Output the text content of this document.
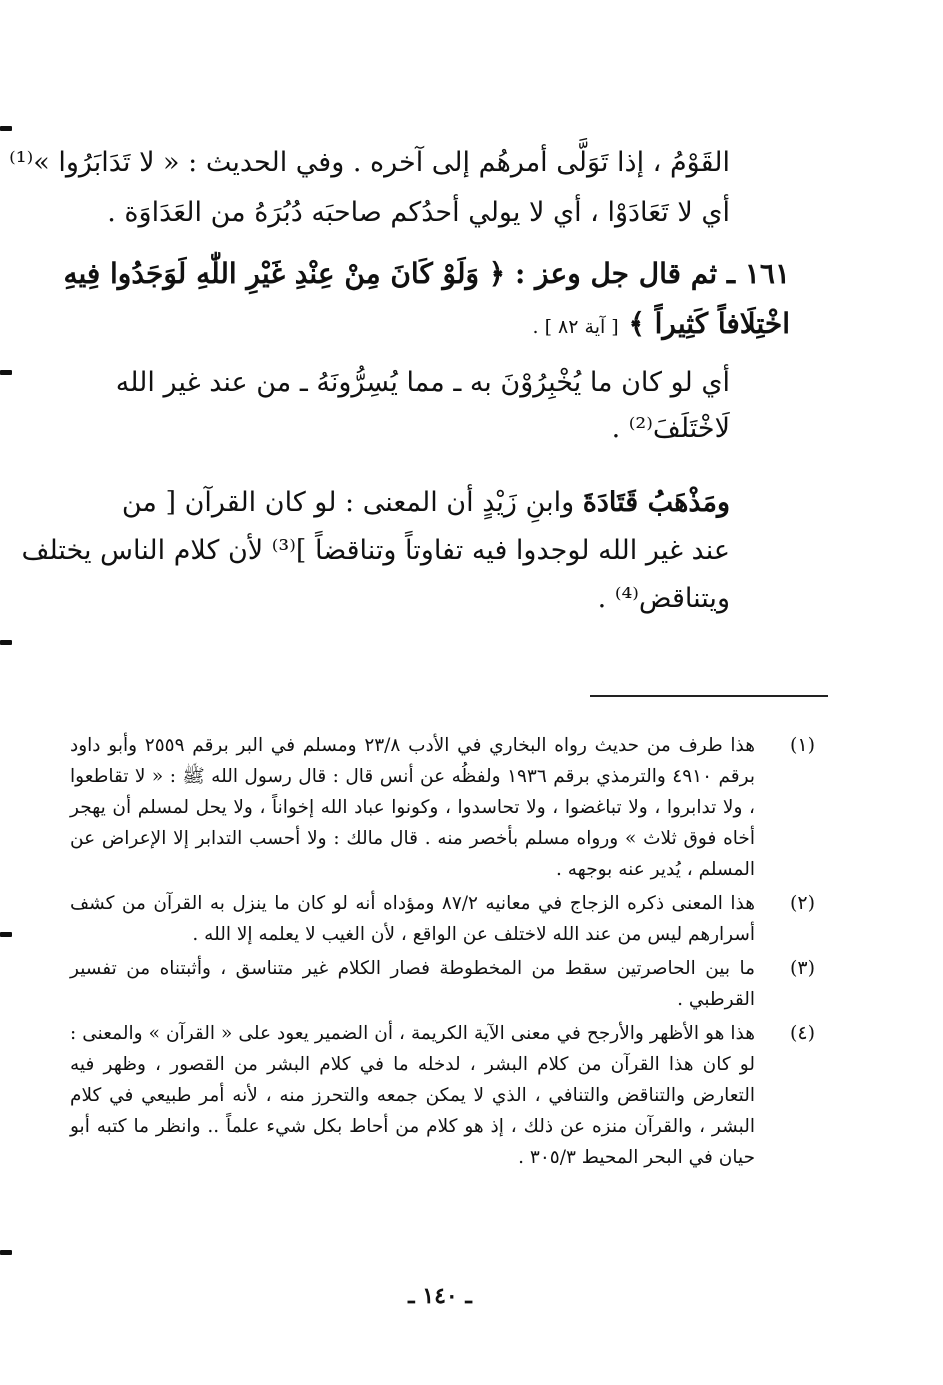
القَوْمُ ، إذا تَوَلَّى أمرهُم إلى آخره . وفي الحديث : « لا تَدَابَرُوا »⁽¹⁾
أي لا تَعَادَوْا ، أي لا يولي أحدُكم صاحبَه دُبُرَهُ من العَدَاوَة .
١٦١ ـ ثم قال جل وعز : ﴿ وَلَوْ كَانَ مِنْ عِنْدِ غَيْرِ اللّٰهِ لَوَجَدُوا فِيهِ
اخْتِلَافاً كَثِيراً ﴾ [ آية ٨٢ ] .
أي لو كان ما يُخْبِرُوْنَ به ـ مما يُسِرُّونَهُ ـ من عند غير الله
لَاخْتَلَفَ⁽²⁾ .
ومَذْهَبُ قَتَادَةَ وابنِ زَيْدٍ أن المعنى : لو كان القرآن [ من
عند غير الله لوجدوا فيه تفاوتاً وتناقضاً ]⁽³⁾ لأن كلام الناس يختلف
ويتناقض⁽⁴⁾ .
(١)
هذا طرف من حديث رواه البخاري في الأدب ٢٣/٨ ومسلم في البر برقم ٢٥٥٩ وأبو داود برقم ٤٩١٠ والترمذي برقم ١٩٣٦ ولفظُه عن أنس قال : قال رسول الله ﷺ : « لا تقاطعوا ، ولا تدابروا ، ولا تباغضوا ، ولا تحاسدوا ، وكونوا عباد الله إخواناً ، ولا يحل لمسلم أن يهجر أخاه فوق ثلاث » ورواه مسلم بأخصر منه . قال مالك : ولا أحسب التدابر إلا الإعراض عن المسلم ، يُدير عنه بوجهه .
(٢)
هذا المعنى ذكره الزجاج في معانيه ٨٧/٢ ومؤداه أنه لو كان ما ينزل به القرآن من كشف أسرارهم ليس من عند الله لاختلف عن الواقع ، لأن الغيب لا يعلمه إلا الله .
(٣)
ما بين الحاصرتين سقط من المخطوطة فصار الكلام غير متناسق ، وأثبتناه من تفسير القرطبي .
(٤)
هذا هو الأظهر والأرجح في معنى الآية الكريمة ، أن الضمير يعود على « القرآن » والمعنى : لو كان هذا القرآن من كلام البشر ، لدخله ما في كلام البشر من القصور ، وظهر فيه التعارض والتناقض والتنافي ، الذي لا يمكن جمعه والتحرز منه ، لأنه أمر طبيعي في كلام البشر ، والقرآن منزه عن ذلك ، إذ هو كلام من أحاط بكل شيء علماً .. وانظر ما كتبه أبو حيان في البحر المحيط ٣٠٥/٣ .
ـ ١٤٠ ـ
